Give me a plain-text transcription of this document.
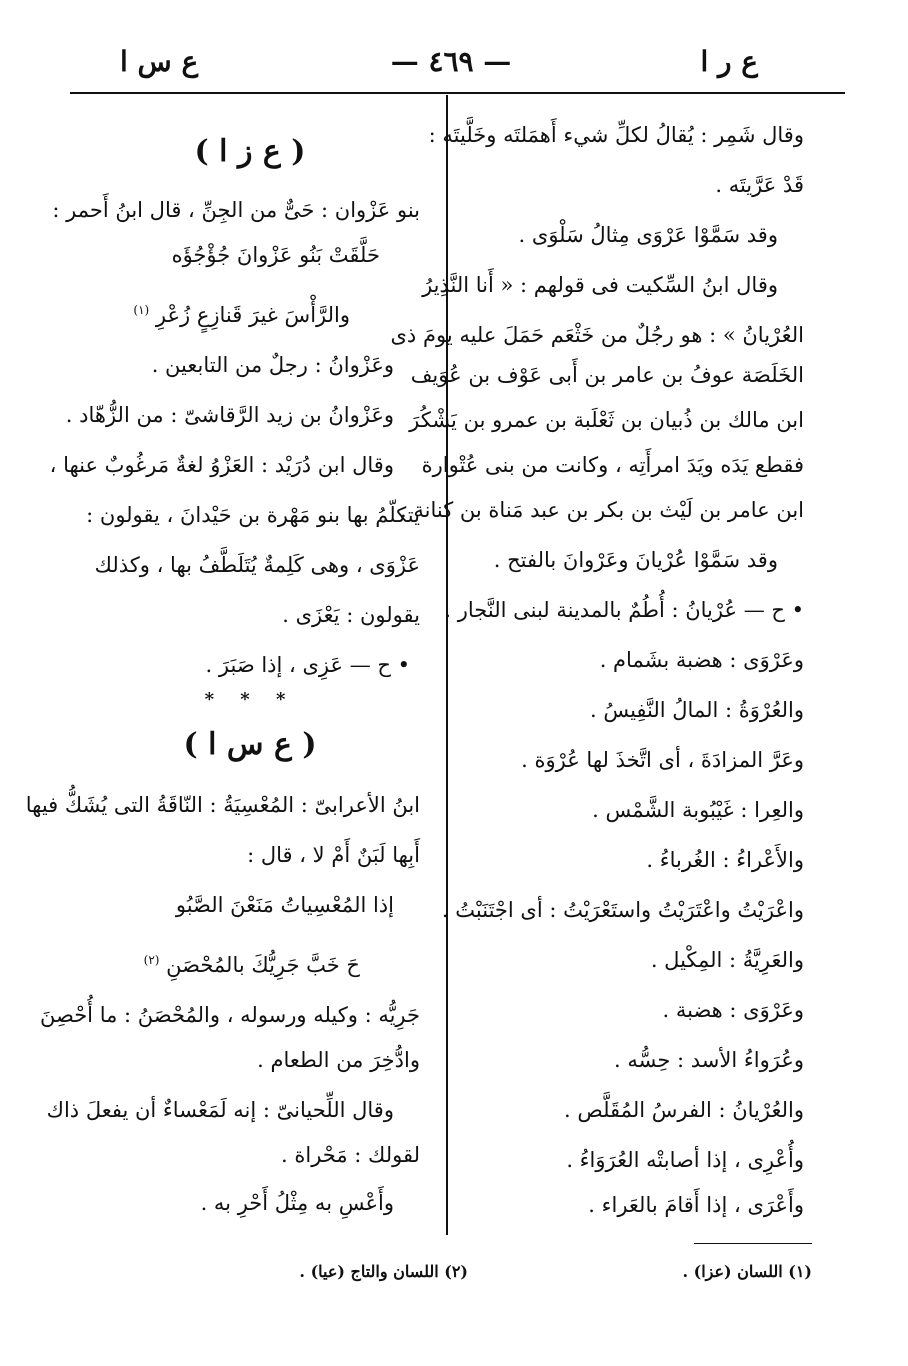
ع ر ا
— ٤٦٩ —
ع س ا
وقال شَمِر : يُقالُ لكلِّ شيء أَهمَلتَه وخَلَّيتَه :
قَدْ عَرَّيتَه .
وقد سَمَّوْا عَرْوَى مِثالُ سَلْوَى .
وقال ابنُ السِّكيت فى قولهم : « أَنا النَّذِيرُ
العُرْيانُ » : هو رجُلٌ من خَثْعَم حَمَلَ عليه يومَ ذى
الخَلَصَة عوفُ بن عامر بن أَبى عَوْف بن عُوَيف
ابن مالك بن ذُبيان بن ثَعْلَبة بن عمرو بن يَشْكُرَ
فقطع يَدَه ويَدَ امرأَتِه ، وكانت من بنى عُتْوارة
ابن عامر بن لَيْث بن بكر بن عبد مَناة بن كنانة .
وقد سَمَّوْا عُرْيانَ وعَرْوانَ بالفتح .
• ح — عُرْيانُ : أُطُمٌ بالمدينة لبنى النَّجار .
وعَرْوَى : هضبة بشَمام .
والعُرْوَةُ : المالُ النَّفِيسُ .
وعَرَّ المزادَةَ ، أى اتَّخذَ لها عُرْوَة .
والعِرا : غَيْبُوبة الشَّمْس .
والأَعْراءُ : الغُرباءُ .
واعْرَيْتُ واعْتَرَيْتُ واستَعْرَيْتُ : أى اجْتَنَبْتُ .
والعَرِيَّةُ : المِكْيل .
وعَرْوَى : هضبة .
وعُرَواءُ الأسد : حِسُّه .
والعُرْيانُ : الفرسُ المُقَلَّص .
وأُعْرِى ، إذا أصابتْه العُرَوَاءُ .
وأَعْرَى ، إذا أَقامَ بالعَراء .
( ع ز ا )
بنو عَزْوان : حَىٌّ من الجِنِّ ، قال ابنُ أَحمر :
حَلَّقَتْ بَنُو عَزْوانَ جُؤْجُؤَه
والرَّأْسَ غيرَ قَنازِعٍ زُعْرِ $^{(١)}$
وعَزْوانُ : رجلٌ من التابعين .
وعَزْوانُ بن زيد الرَّقاشىّ : من الزُّهّاد .
وقال ابن دُرَيْد : العَزْوُ لغةٌ مَرغُوبٌ عنها ،
يتكلّمُ بها بنو مَهْرة بن حَيْدانَ ، يقولون :
عَزْوَى ، وهى كَلِمةٌ يُتَلَطَّفُ بها ، وكذلك
يقولون : يَعْزَى .
• ح — عَزِى ، إذا صَبَرَ .
* * *
( ع س ا )
ابنُ الأعرابىّ : المُعْسِيَةُ : النّاقَةُ التى يُشَكُّ فيها
أَبِها لَبَنٌ أَمْ لا ، قال :
إذا المُعْسِياتُ مَنَعْنَ الصَّبُو
حَ خَبَّ جَرِيُّكَ بالمُحْصَنِ $^{(٢)}$
جَرِيُّه : وكيله ورسوله ، والمُحْصَنُ : ما أُحْصِنَ
وادُّخِرَ من الطعام .
وقال اللِّحيانىّ : إنه لَمَعْساءٌ أن يفعلَ ذاك
لقولك : مَحْراة .
وأَعْسِ به مِثْلُ أَحْرِ به .
(١) اللسان (عزا) .
(٢) اللسان والتاج (عيا) .
